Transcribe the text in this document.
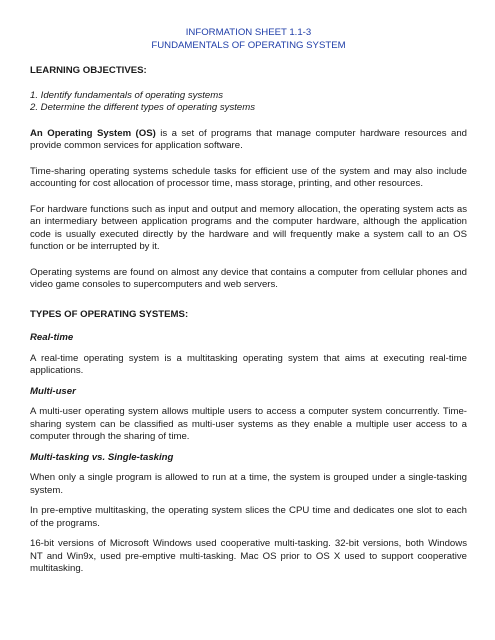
INFORMATION SHEET 1.1-3
FUNDAMENTALS OF OPERATING SYSTEM
LEARNING OBJECTIVES:
1. Identify fundamentals of operating systems
2. Determine the different types of operating systems

An Operating System (OS) is a set of programs that manage computer hardware resources and provide common services for application software.

Time-sharing operating systems schedule tasks for efficient use of the system and may also include accounting for cost allocation of processor time, mass storage, printing, and other resources.

For hardware functions such as input and output and memory allocation, the operating system acts as an intermediary between application programs and the computer hardware, although the application code is usually executed directly by the hardware and will frequently make a system call to an OS function or be interrupted by it.

Operating systems are found on almost any device that contains a computer from cellular phones and video game consoles to supercomputers and web servers.

TYPES OF OPERATING SYSTEMS:
Real-time

A real-time operating system is a multitasking operating system that aims at executing real-time applications.

Multi-user

A multi-user operating system allows multiple users to access a computer system concurrently. Time-sharing system can be classified as multi-user systems as they enable a multiple user access to a computer through the sharing of time.

Multi-tasking vs. Single-tasking

When only a single program is allowed to run at a time, the system is grouped under a single-tasking system.

In pre-emptive multitasking, the operating system slices the CPU time and dedicates one slot to each of the programs.

16-bit versions of Microsoft Windows used cooperative multi-tasking. 32-bit versions, both Windows NT and Win9x, used pre-emptive multi-tasking. Mac OS prior to OS X used to support cooperative multitasking.
